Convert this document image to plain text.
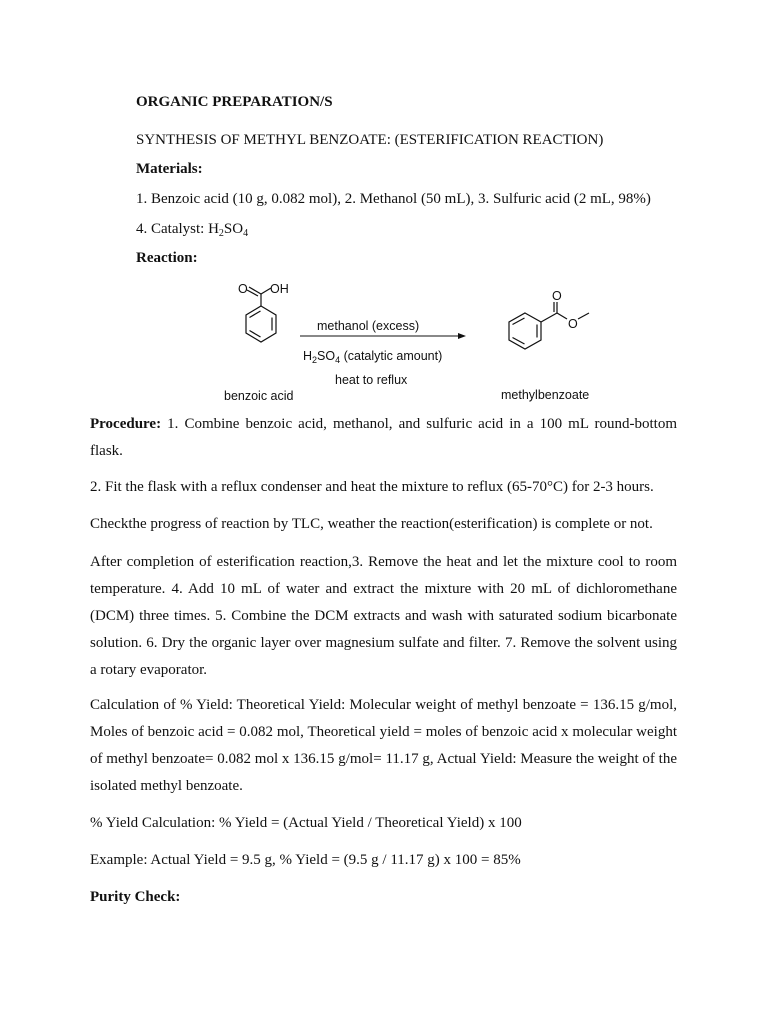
ORGANIC PREPARATION/S
SYNTHESIS OF METHYL BENZOATE: (ESTERIFICATION REACTION)
Materials:
1. Benzoic acid (10 g, 0.082 mol), 2. Methanol (50 mL), 3. Sulfuric acid (2 mL, 98%)
4. Catalyst: $H_2SO_4$
Reaction:
O OH
methanol (excess)
$H_2SO_4$ (catalytic amount)
heat to reflux
O
O
benzoic acid	methylbenzoate
Procedure: 1. Combine benzoic acid, methanol, and sulfuric acid in a 100 mL round-bottom flask.
2. Fit the flask with a reflux condenser and heat the mixture to reflux (65-70°C) for 2-3 hours.
Checkthe progress of reaction by TLC, weather the reaction(esterification) is complete or not.
After completion of esterification reaction,3. Remove the heat and let the mixture cool to room temperature. 4. Add 10 mL of water and extract the mixture with 20 mL of dichloromethane (DCM) three times. 5. Combine the DCM extracts and wash with saturated sodium bicarbonate solution. 6. Dry the organic layer over magnesium sulfate and filter. 7. Remove the solvent using a rotary evaporator.
Calculation of % Yield: Theoretical Yield: Molecular weight of methyl benzoate = 136.15 g/mol, Moles of benzoic acid = 0.082 mol, Theoretical yield = moles of benzoic acid x molecular weight of methyl benzoate= 0.082 mol x 136.15 g/mol= 11.17 g, Actual Yield: Measure the weight of the isolated methyl benzoate.
% Yield Calculation: % Yield = (Actual Yield / Theoretical Yield) x 100
Example: Actual Yield = 9.5 g, % Yield = (9.5 g / 11.17 g) x 100 = 85%
Purity Check:
